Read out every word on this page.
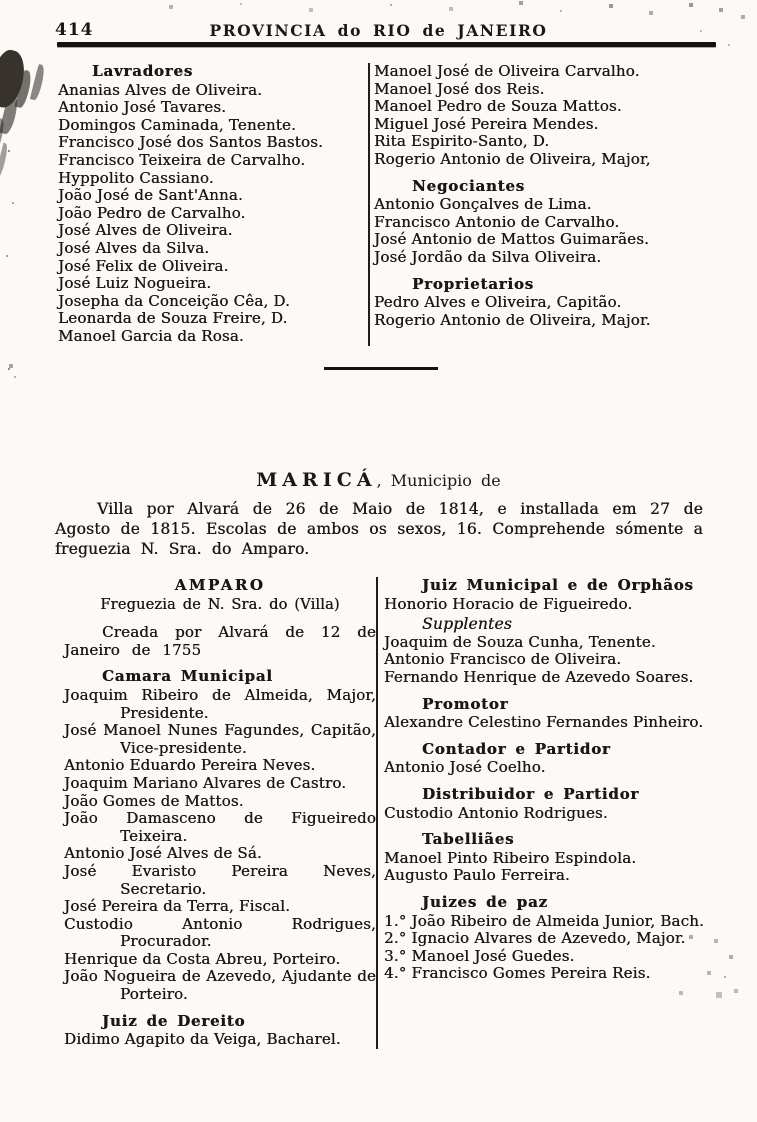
414	PROVINCIA do RIO de JANEIRO
Lavradores
Ananias Alves de Oliveira.
Antonio José Tavares.
Domingos Caminada, Tenente.
Francisco José dos Santos Bastos.
Francisco Teixeira de Carvalho.
Hyppolito Cassiano.
João José de Sant'Anna.
João Pedro de Carvalho.
José Alves de Oliveira.
José Alves da Silva.
José Felix de Oliveira.
José Luiz Nogueira.
Josepha da Conceição Cêa, D.
Leonarda de Souza Freire, D.
Manoel Garcia da Rosa.
Manoel José de Oliveira Carvalho.
Manoel José dos Reis.
Manoel Pedro de Souza Mattos.
Miguel José Pereira Mendes.
Rita Espirito-Santo, D.
Rogerio Antonio de Oliveira, Major,
Negociantes
Antonio Gonçalves de Lima.
Francisco Antonio de Carvalho.
José Antonio de Mattos Guimarães.
José Jordão da Silva Oliveira.
Proprietarios
Pedro Alves e Oliveira, Capitão.
Rogerio Antonio de Oliveira, Major.
MARICÁ, Municipio de
Villa por Alvará de 26 de Maio de 1814, e installada em 27 de Agosto de 1815. Escolas de ambos os sexos, 16. Comprehende sómente a freguezia N. Sra. do Amparo.
AMPARO
Freguezia de N. Sra. do (Villa)
Creada por Alvará de 12 de Janeiro de 1755
Camara Municipal
Joaquim Ribeiro de Almeida, Major, Presidente.
José Manoel Nunes Fagundes, Capitão, Vice-presidente.
Antonio Eduardo Pereira Neves.
Joaquim Mariano Alvares de Castro.
João Gomes de Mattos.
João Damasceno de Figueiredo Teixeira.
Antonio José Alves de Sá.
José Evaristo Pereira Neves, Secretario.
José Pereira da Terra, Fiscal.
Custodio Antonio Rodrigues, Procurador.
Henrique da Costa Abreu, Porteiro.
João Nogueira de Azevedo, Ajudante de Porteiro.
Juiz de Dereito
Didimo Agapito da Veiga, Bacharel.
Juiz Municipal e de Orphãos
Honorio Horacio de Figueiredo.
Supplentes
Joaquim de Souza Cunha, Tenente.
Antonio Francisco de Oliveira.
Fernando Henrique de Azevedo Soares.
Promotor
Alexandre Celestino Fernandes Pinheiro.
Contador e Partidor
Antonio José Coelho.
Distribuidor e Partidor
Custodio Antonio Rodrigues.
Tabelliães
Manoel Pinto Ribeiro Espindola.
Augusto Paulo Ferreira.
Juizes de paz
1.° João Ribeiro de Almeida Junior, Bach.
2.° Ignacio Alvares de Azevedo, Major.
3.° Manoel José Guedes.
4.° Francisco Gomes Pereira Reis.
